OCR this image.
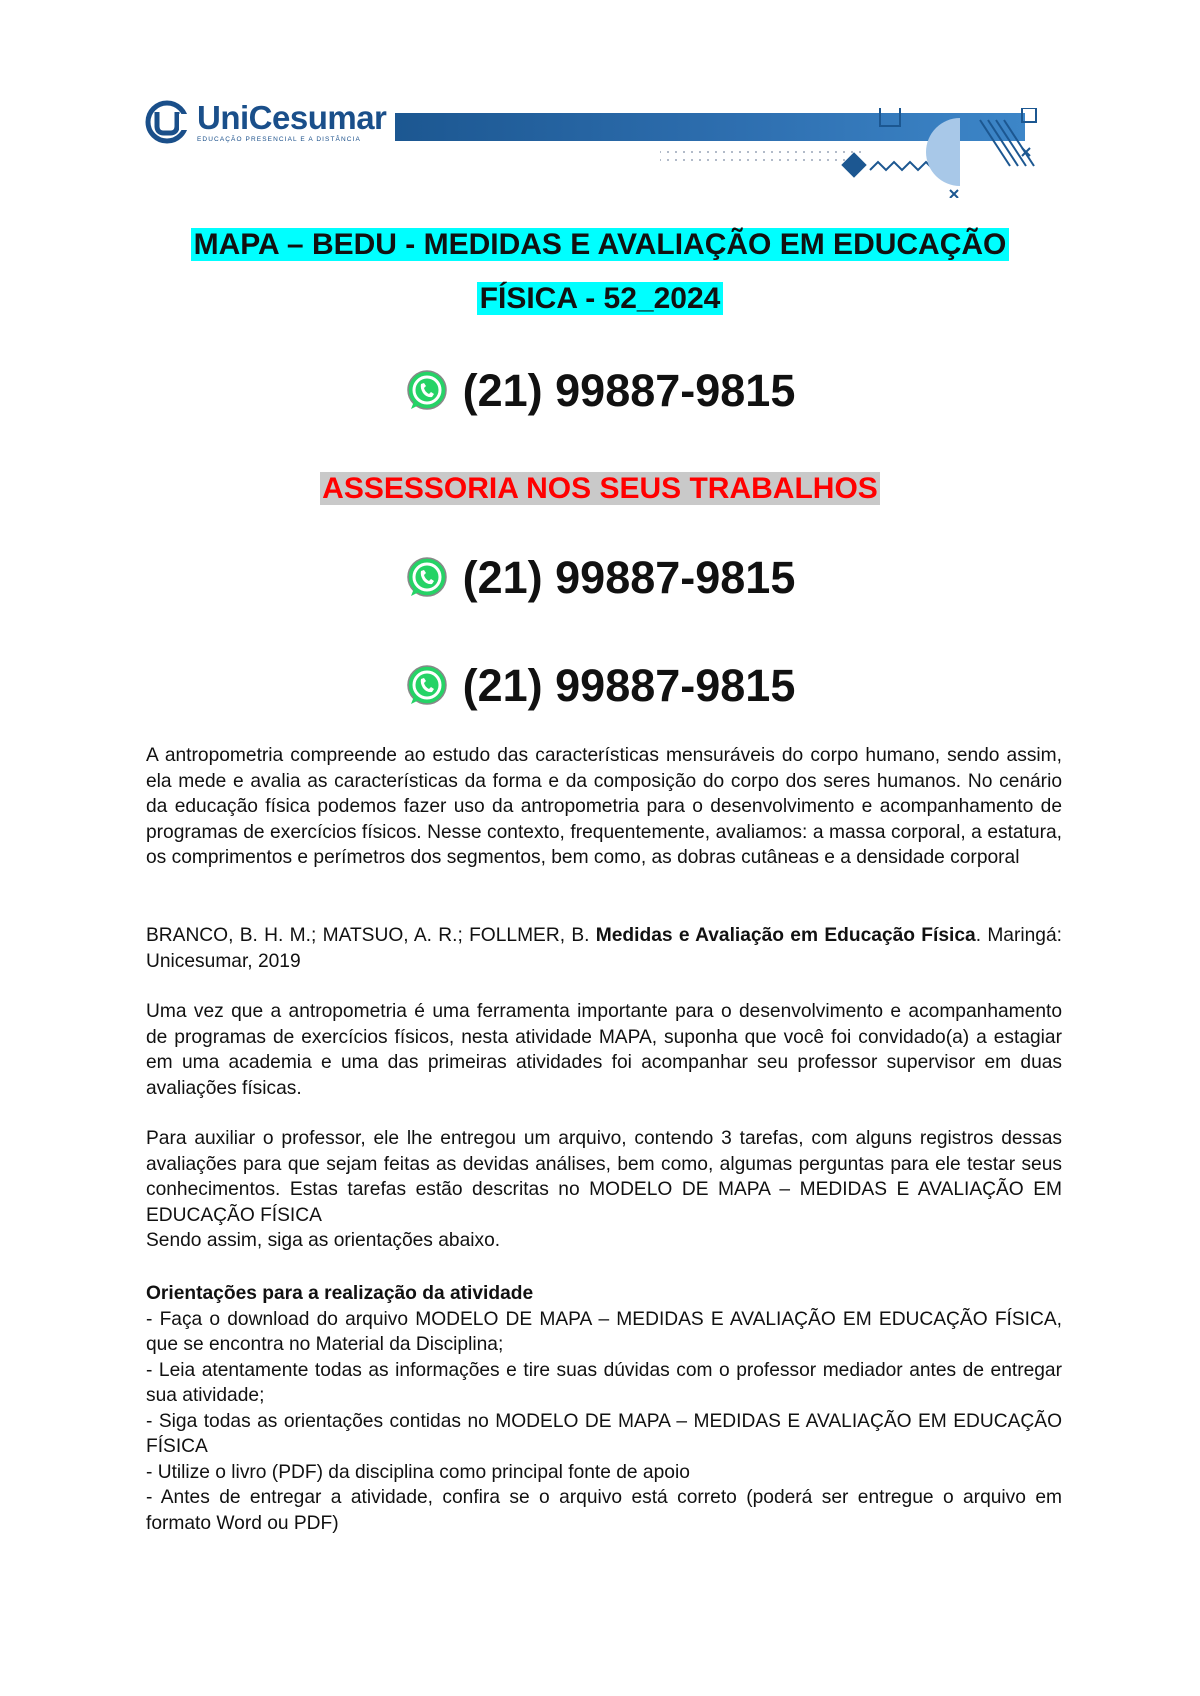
UniCesumar
EDUCAÇÃO PRESENCIAL E A DISTÂNCIA
MAPA – BEDU - MEDIDAS E AVALIAÇÃO EM EDUCAÇÃO
FÍSICA - 52_2024
(21) 99887-9815
ASSESSORIA NOS SEUS TRABALHOS
(21) 99887-9815
(21) 99887-9815

A antropometria compreende ao estudo das características mensuráveis do corpo humano, sendo assim, ela mede e avalia as características da forma e da composição do corpo dos seres humanos. No cenário da educação física podemos fazer uso da antropometria para o desenvolvimento e acompanhamento de programas de exercícios físicos. Nesse contexto, frequentemente, avaliamos: a massa corporal, a estatura, os comprimentos e perímetros dos segmentos, bem como, as dobras cutâneas e a densidade corporal

BRANCO, B. H. M.; MATSUO, A. R.; FOLLMER, B. Medidas e Avaliação em Educação Física. Maringá: Unicesumar, 2019

Uma vez que a antropometria é uma ferramenta importante para o desenvolvimento e acompanhamento de programas de exercícios físicos, nesta atividade MAPA, suponha que você foi convidado(a) a estagiar em uma academia e uma das primeiras atividades foi acompanhar seu professor supervisor em duas avaliações físicas.

Para auxiliar o professor, ele lhe entregou um arquivo, contendo 3 tarefas, com alguns registros dessas avaliações para que sejam feitas as devidas análises, bem como, algumas perguntas para ele testar seus conhecimentos. Estas tarefas estão descritas no MODELO DE MAPA – MEDIDAS E AVALIAÇÃO EM EDUCAÇÃO FÍSICA

Sendo assim, siga as orientações abaixo.

Orientações para a realização da atividade

- Faça o download do arquivo MODELO DE MAPA – MEDIDAS E AVALIAÇÃO EM EDUCAÇÃO FÍSICA, que se encontra no Material da Disciplina;

- Leia atentamente todas as informações e tire suas dúvidas com o professor mediador antes de entregar sua atividade;

- Siga todas as orientações contidas no MODELO DE MAPA – MEDIDAS E AVALIAÇÃO EM EDUCAÇÃO FÍSICA

- Utilize o livro (PDF) da disciplina como principal fonte de apoio

- Antes de entregar a atividade, confira se o arquivo está correto (poderá ser entregue o arquivo em formato Word ou PDF)
